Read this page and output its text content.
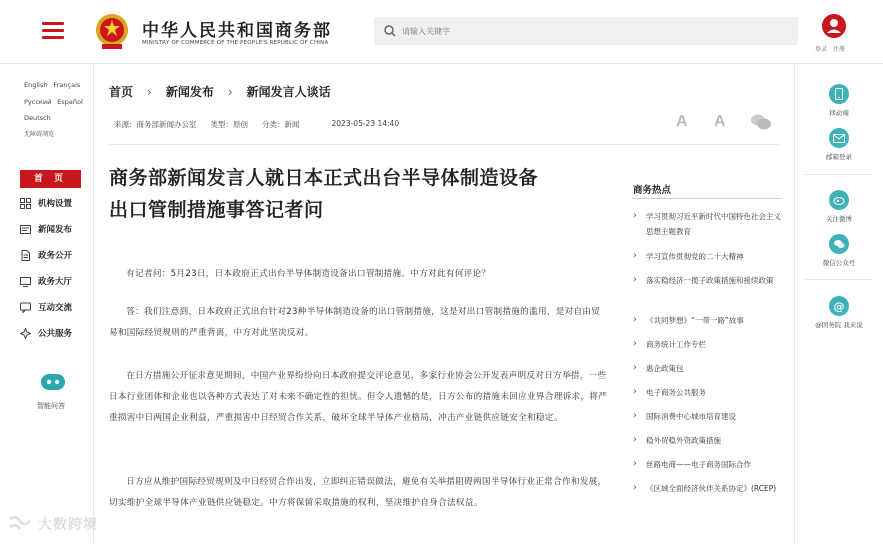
中华人民共和国商务部
MINISTRY OF COMMERCE OF THE PEOPLE'S REPUBLIC OF CHINA
请输入关键字
登录 注册
English Français
Русский Español
Deutsch
无障碍浏览
首 页
机构设置
新闻发布
政务公开
政务大厅
互动交流
公共服务
智能问答
首页 › 新闻发布 › 新闻发言人谈话
来源：商务部新闻办公室 类型：原创 分类：新闻	2023-05-23 14:40	A A
商务部新闻发言人就日本正式出台半导体制造设备
出口管制措施事答记者问

有记者问：5月23日，日本政府正式出台半导体制造设备出口管制措施。中方对此有何评论？

答：我们注意到，日本政府正式出台针对23种半导体制造设备的出口管制措施，这是对出口管制措施的滥用，是对自由贸易和国际经贸规则的严重背离，中方对此坚决反对。

在日方措施公开征求意见期间，中国产业界纷纷向日本政府提交评论意见，多家行业协会公开发表声明反对日方举措，一些日本行业团体和企业也以各种方式表达了对未来不确定性的担忧。但令人遗憾的是，日方公布的措施未回应业界合理诉求，将严重损害中日两国企业利益，严重损害中日经贸合作关系，破坏全球半导体产业格局，冲击产业链供应链安全和稳定。

日方应从维护国际经贸规则及中日经贸合作出发，立即纠正错误做法，避免有关举措阻碍两国半导体行业正常合作和发展，切实维护全球半导体产业链供应链稳定。中方将保留采取措施的权利，坚决维护自身合法权益。

商务热点
› 学习贯彻习近平新时代中国特色社会主义思想主题教育
› 学习宣传贯彻党的二十大精神
› 落实稳经济一揽子政策措施和接续政策
› 《共同梦想》“一带一路”故事
› 商务统计工作专栏
› 惠企政策包
› 电子商务公共服务
› 国际消费中心城市培育建设
› 稳外贸稳外资政策措施
› 丝路电商——电子商务国际合作
› 《区域全面经济伙伴关系协定》(RCEP)
移动端
邮箱登录
关注微博
微信公众号
@
@国务院 我来说
大数跨境
